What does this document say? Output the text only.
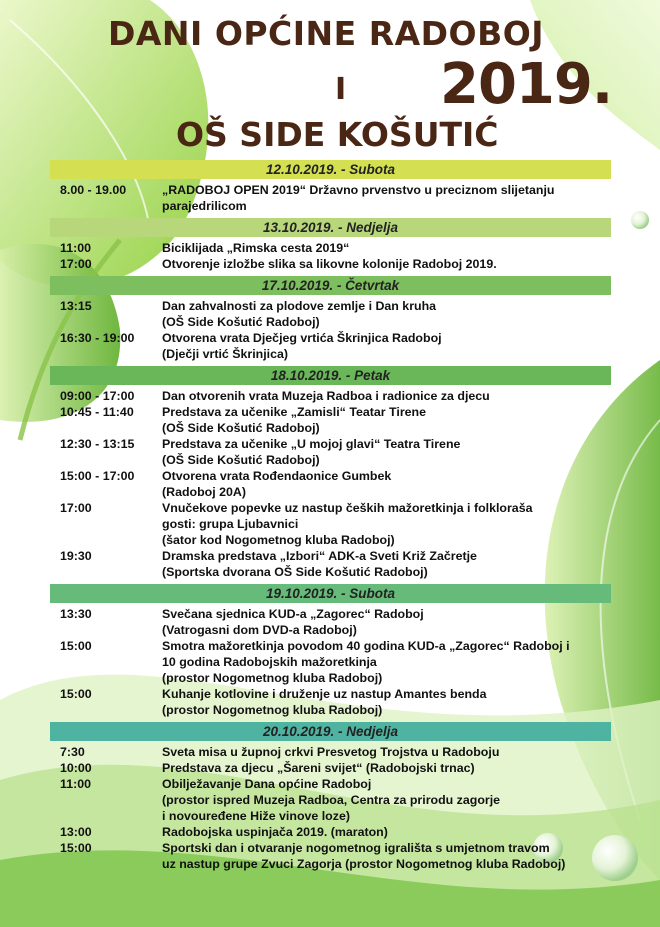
DANI OPĆINE RADOBOJ
I 2019.
OŠ SIDE KOŠUTIĆ
12.10.2019. - Subota
8.00 - 19.00	„RADOBOJ OPEN 2019“ Državno prvenstvo u preciznom slijetanju
parajedrilicom
13.10.2019. - Nedjelja
11:00	Biciklijada „Rimska cesta 2019“
17:00	Otvorenje izložbe slika sa likovne kolonije Radoboj 2019.
17.10.2019. - Četvrtak
13:15	Dan zahvalnosti za plodove zemlje i Dan kruha
(OŠ Side Košutić Radoboj)
16:30 - 19:00	Otvorena vrata Dječjeg vrtića Škrinjica Radoboj
(Dječji vrtić Škrinjica)
18.10.2019. - Petak
09:00 - 17:00	Dan otvorenih vrata Muzeja Radboa i radionice za djecu
10:45 - 11:40	Predstava za učenike „Zamisli“ Teatar Tirene
(OŠ Side Košutić Radoboj)
12:30 - 13:15	Predstava za učenike „U mojoj glavi“ Teatra Tirene
(OŠ Side Košutić Radoboj)
15:00 - 17:00	Otvorena vrata Rođendaonice Gumbek
(Radoboj 20A)
17:00	Vnučekove popevke uz nastup čeških mažoretkinja i folkloraša
gosti: grupa Ljubavnici
(šator kod Nogometnog kluba Radoboj)
19:30	Dramska predstava „Izbori“ ADK-a Sveti Križ Začretje
(Sportska dvorana OŠ Side Košutić Radoboj)
19.10.2019. - Subota
13:30	Svečana sjednica KUD-a „Zagorec“ Radoboj
(Vatrogasni dom DVD-a Radoboj)
15:00	Smotra mažoretkinja povodom 40 godina KUD-a „Zagorec“ Radoboj i
10 godina Radobojskih mažoretkinja
(prostor Nogometnog kluba Radoboj)
15:00	Kuhanje kotlovine i druženje uz nastup Amantes benda
(prostor Nogometnog kluba Radoboj)
20.10.2019. - Nedjelja
7:30	Sveta misa u župnoj crkvi Presvetog Trojstva u Radoboju
10:00	Predstava za djecu „Šareni svijet“ (Radobojski trnac)
11:00	Obilježavanje Dana općine Radoboj
(prostor ispred Muzeja Radboa, Centra za prirodu zagorje
i novouređene Hiže vinove loze)
13:00	Radobojska uspinjača 2019. (maraton)
15:00	Sportski dan i otvaranje nogometnog igrališta s umjetnom travom
uz nastup grupe Zvuci Zagorja (prostor Nogometnog kluba Radoboj)
